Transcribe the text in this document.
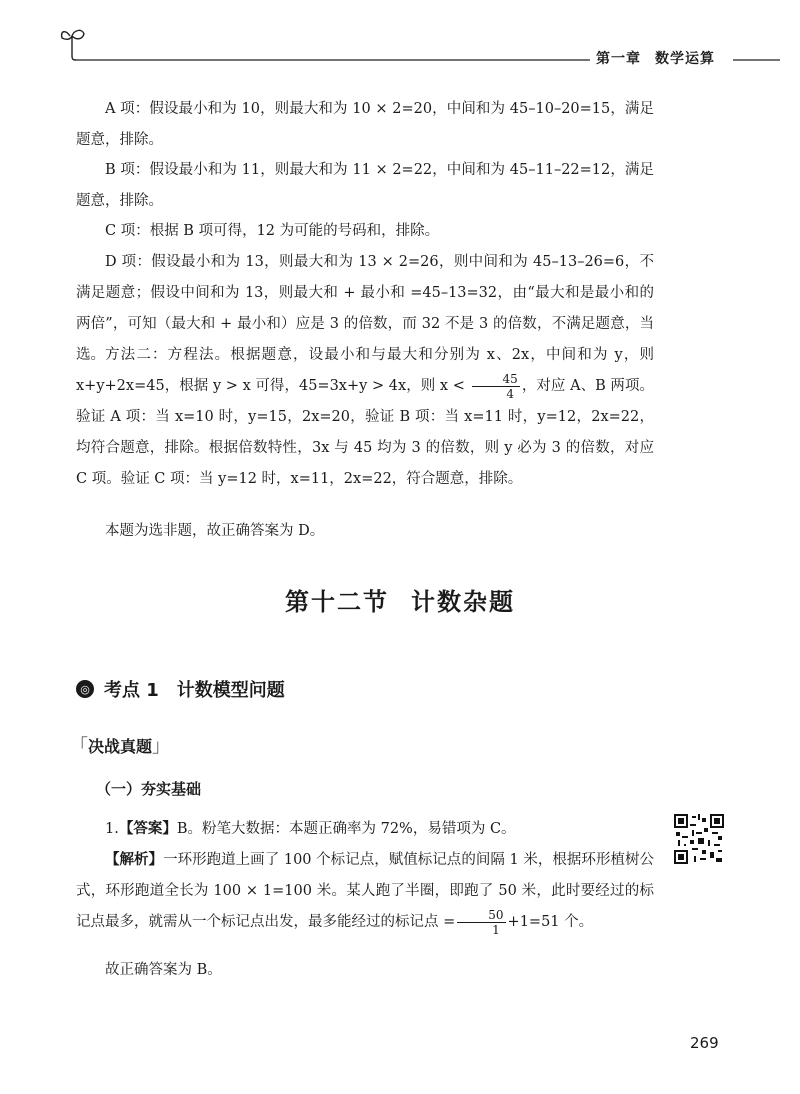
第一章 数学运算

A 项：假设最小和为 10，则最大和为 10 × 2=20，中间和为 45–10–20=15，满足题意，排除。

B 项：假设最小和为 11，则最大和为 11 × 2=22，中间和为 45–11–22=12，满足题意，排除。

C 项：根据 B 项可得，12 为可能的号码和，排除。

D 项：假设最小和为 13，则最大和为 13 × 2=26，则中间和为 45–13–26=6，不满足题意；假设中间和为 13，则最大和 + 最小和 =45–13=32，由“最大和是最小和的两倍”，可知（最大和 + 最小和）应是 3 的倍数，而 32 不是 3 的倍数，不满足题意，当选。 方法二：方程法。根据题意，设最小和与最大和分别为 x、2x，中间和为 y，则 x+y+2x=45，根据 y > x 可得，45=3x+y > 4x，则 $x < \frac{45}{4}$ ，对应 A、B 两项。验证 A 项：当 x=10 时，y=15，2x=20，验证 B 项：当 x=11 时，y=12，2x=22，均符合题意，排除。根据倍数特性，3x 与 45 均为 3 的倍数，则 y 必为 3 的倍数，对应 C 项。验证 C 项：当 y=12 时，x=11，2x=22，符合题意，排除。

本题为选非题，故正确答案为 D。

第十二节 计数杂题
◎ 考点 1 计数模型问题
「决战真题」
（一）夯实基础

1.【答案】B。粉笔大数据：本题正确率为 72%，易错项为 C。

【解析】一环形跑道上画了 100 个标记点，赋值标记点的间隔 1 米，根据环形植树公式，环形跑道全长为 100 × 1=100 米。某人跑了半圈，即跑了 50 米，此时要经过的标记点最多，就需从一个标记点出发，最多能经过的标记点 = $\frac{50}{1} +1=51$ 个。

故正确答案为 B。

269
